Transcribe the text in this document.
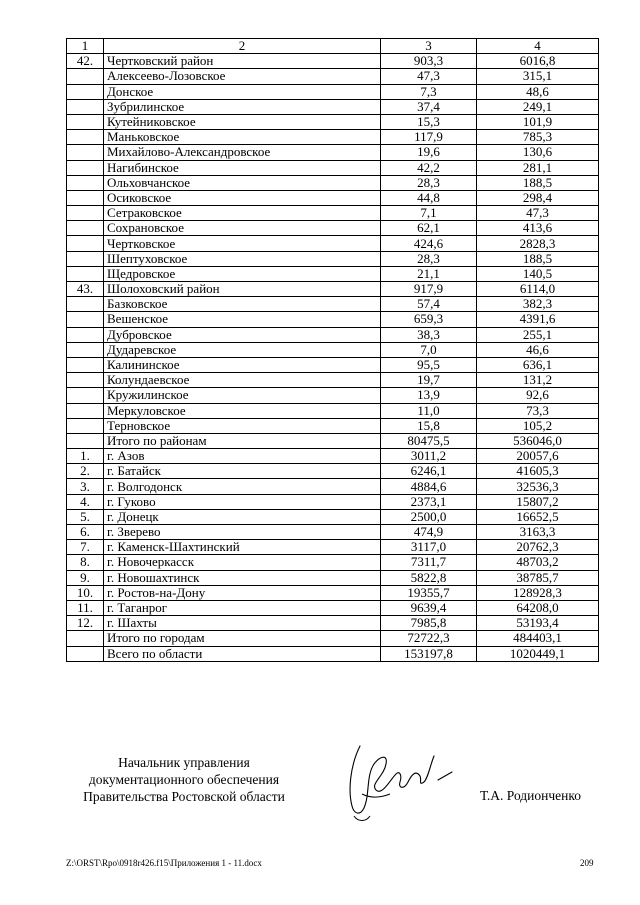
1	2	3	4
42.	Чертковский район	903,3	6016,8
	Алексеево-Лозовское	47,3	315,1
	Донское	7,3	48,6
	Зубрилинское	37,4	249,1
	Кутейниковское	15,3	101,9
	Маньковское	117,9	785,3
	Михайлово-Александровское	19,6	130,6
	Нагибинское	42,2	281,1
	Ольховчанское	28,3	188,5
	Осиковское	44,8	298,4
	Сетраковское	7,1	47,3
	Сохрановское	62,1	413,6
	Чертковское	424,6	2828,3
	Шептуховское	28,3	188,5
	Щедровское	21,1	140,5
43.	Шолоховский район	917,9	6114,0
	Базковское	57,4	382,3
	Вешенское	659,3	4391,6
	Дубровское	38,3	255,1
	Дударевское	7,0	46,6
	Калининское	95,5	636,1
	Колундаевское	19,7	131,2
	Кружилинское	13,9	92,6
	Меркуловское	11,0	73,3
	Терновское	15,8	105,2
	Итого по районам	80475,5	536046,0
1.	г. Азов	3011,2	20057,6
2.	г. Батайск	6246,1	41605,3
3.	г. Волгодонск	4884,6	32536,3
4.	г. Гуково	2373,1	15807,2
5.	г. Донецк	2500,0	16652,5
6.	г. Зверево	474,9	3163,3
7.	г. Каменск-Шахтинский	3117,0	20762,3
8.	г. Новочеркасск	7311,7	48703,2
9.	г. Новошахтинск	5822,8	38785,7
10.	г. Ростов-на-Дону	19355,7	128928,3
11.	г. Таганрог	9639,4	64208,0
12.	г. Шахты	7985,8	53193,4
	Итого по городам	72722,3	484403,1
	Всего по области	153197,8	1020449,1
Начальник управления
документационного обеспечения
Правительства Ростовской области	Т.А. Родионченко
Z:\ORST\Rpo\0918r426.f15\Приложения 1 - 11.docx	209
